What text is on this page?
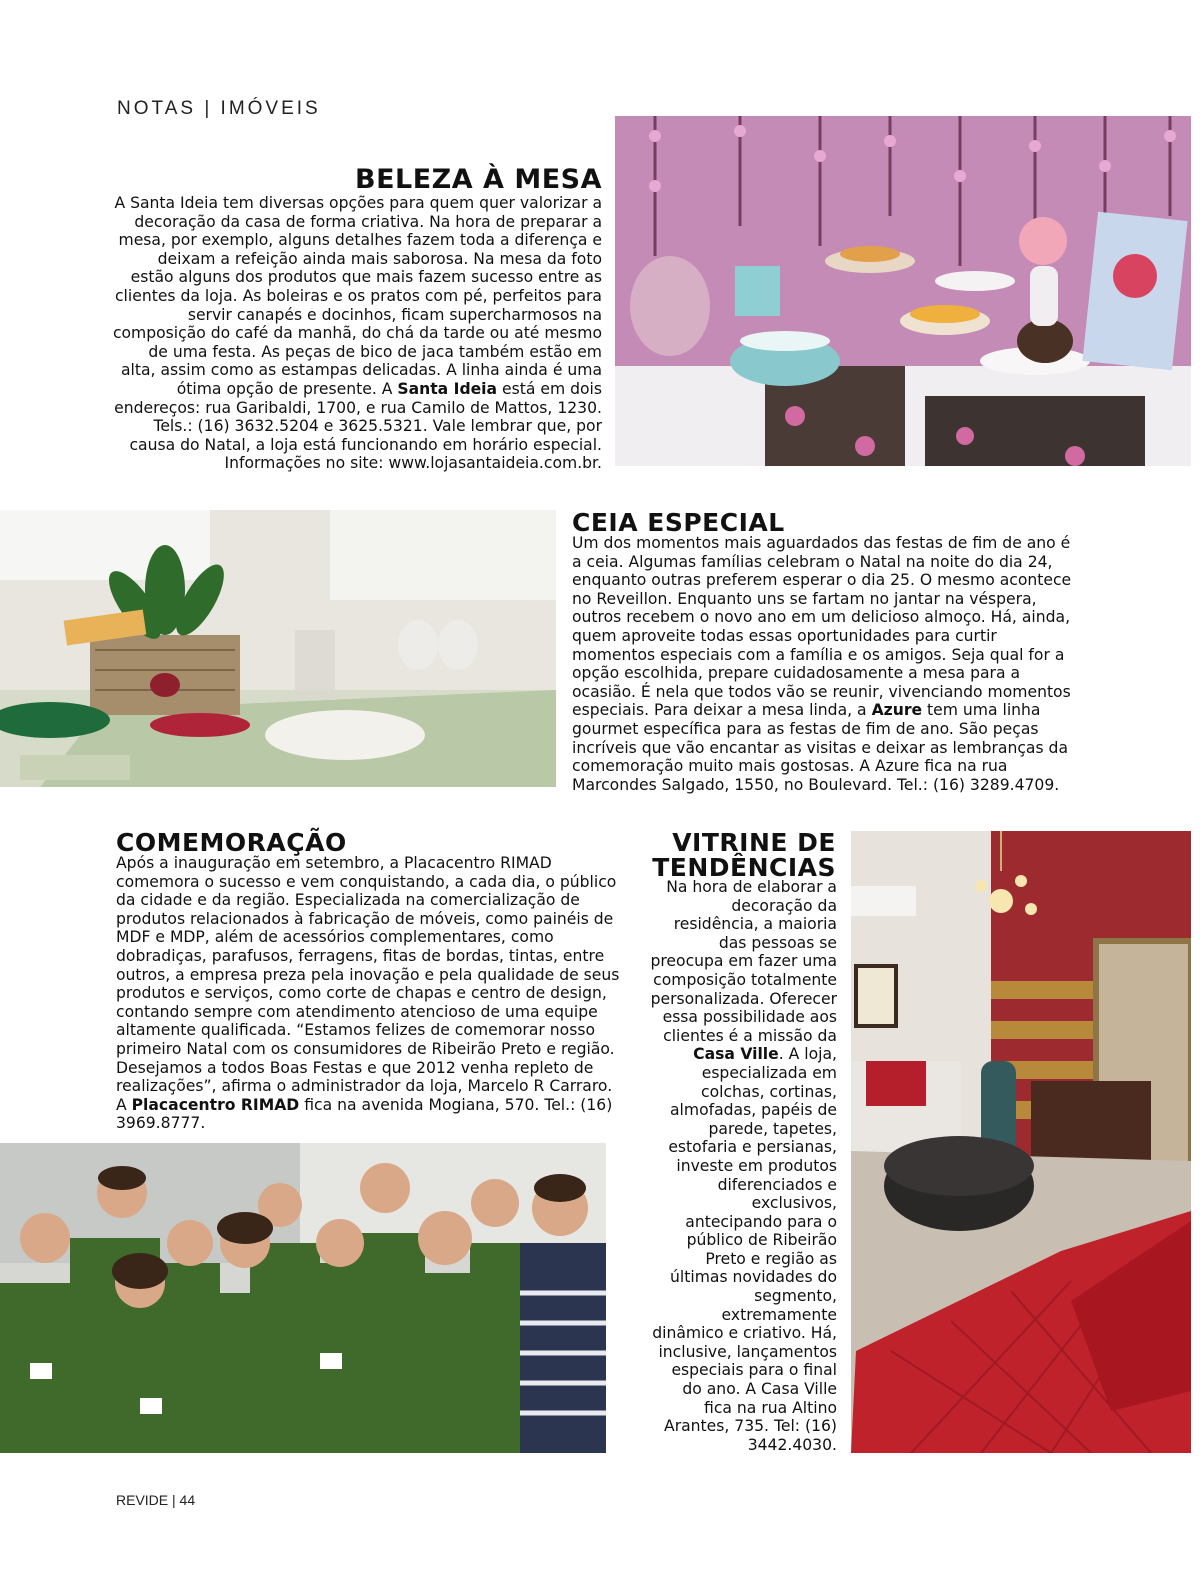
NOTAS | IMÓVEIS
BELEZA À MESA

A Santa Ideia tem diversas opções para quem quer valorizar a decoração da casa de forma criativa. Na hora de preparar a mesa, por exemplo, alguns detalhes fazem toda a diferença e deixam a refeição ainda mais saborosa. Na mesa da foto estão alguns dos produtos que mais fazem sucesso entre as clientes da loja. As boleiras e os pratos com pé, perfeitos para servir canapés e docinhos, ficam supercharmosos na composição do café da manhã, do chá da tarde ou até mesmo de uma festa. As peças de bico de jaca também estão em alta, assim como as estampas delicadas. A linha ainda é uma ótima opção de presente. A Santa Ideia está em dois endereços: rua Garibaldi, 1700, e rua Camilo de Mattos, 1230. Tels.: (16) 3632.5204 e 3625.5321. Vale lembrar que, por causa do Natal, a loja está funcionando em horário especial. Informações no site: www.lojasantaideia.com.br.

CEIA ESPECIAL

Um dos momentos mais aguardados das festas de fim de ano é a ceia. Algumas famílias celebram o Natal na noite do dia 24, enquanto outras preferem esperar o dia 25. O mesmo acontece no Reveillon. Enquanto uns se fartam no jantar na véspera, outros recebem o novo ano em um delicioso almoço. Há, ainda, quem aproveite todas essas oportunidades para curtir momentos especiais com a família e os amigos. Seja qual for a opção escolhida, prepare cuidadosamente a mesa para a ocasião. É nela que todos vão se reunir, vivenciando momentos especiais. Para deixar a mesa linda, a Azure tem uma linha gourmet específica para as festas de fim de ano. São peças incríveis que vão encantar as visitas e deixar as lembranças da comemoração muito mais gostosas. A Azure fica na rua Marcondes Salgado, 1550, no Boulevard. Tel.: (16) 3289.4709.

COMEMORAÇÃO

Após a inauguração em setembro, a Placacentro RIMAD comemora o sucesso e vem conquistando, a cada dia, o público da cidade e da região. Especializada na comercialização de produtos relacionados à fabricação de móveis, como painéis de MDF e MDP, além de acessórios complementares, como dobradiças, parafusos, ferragens, fitas de bordas, tintas, entre outros, a empresa preza pela inovação e pela qualidade de seus produtos e serviços, como corte de chapas e centro de design, contando sempre com atendimento atencioso de uma equipe altamente qualificada. “Estamos felizes de comemorar nosso primeiro Natal com os consumidores de Ribeirão Preto e região. Desejamos a todos Boas Festas e que 2012 venha repleto de realizações”, afirma o administrador da loja, Marcelo R Carraro. A Placacentro RIMAD fica na avenida Mogiana, 570. Tel.: (16) 3969.8777.

VITRINE DE
TENDÊNCIAS

Na hora de elaborar a decoração da residência, a maioria das pessoas se preocupa em fazer uma composição totalmente personalizada. Oferecer essa possibilidade aos clientes é a missão da Casa Ville. A loja, especializada em colchas, cortinas, almofadas, papéis de parede, tapetes, estofaria e persianas, investe em produtos diferenciados e exclusivos, antecipando para o público de Ribeirão Preto e região as últimas novidades do segmento, extremamente dinâmico e criativo. Há, inclusive, lançamentos especiais para o final do ano. A Casa Ville fica na rua Altino Arantes, 735. Tel: (16) 3442.4030.

REVIDE | 44
